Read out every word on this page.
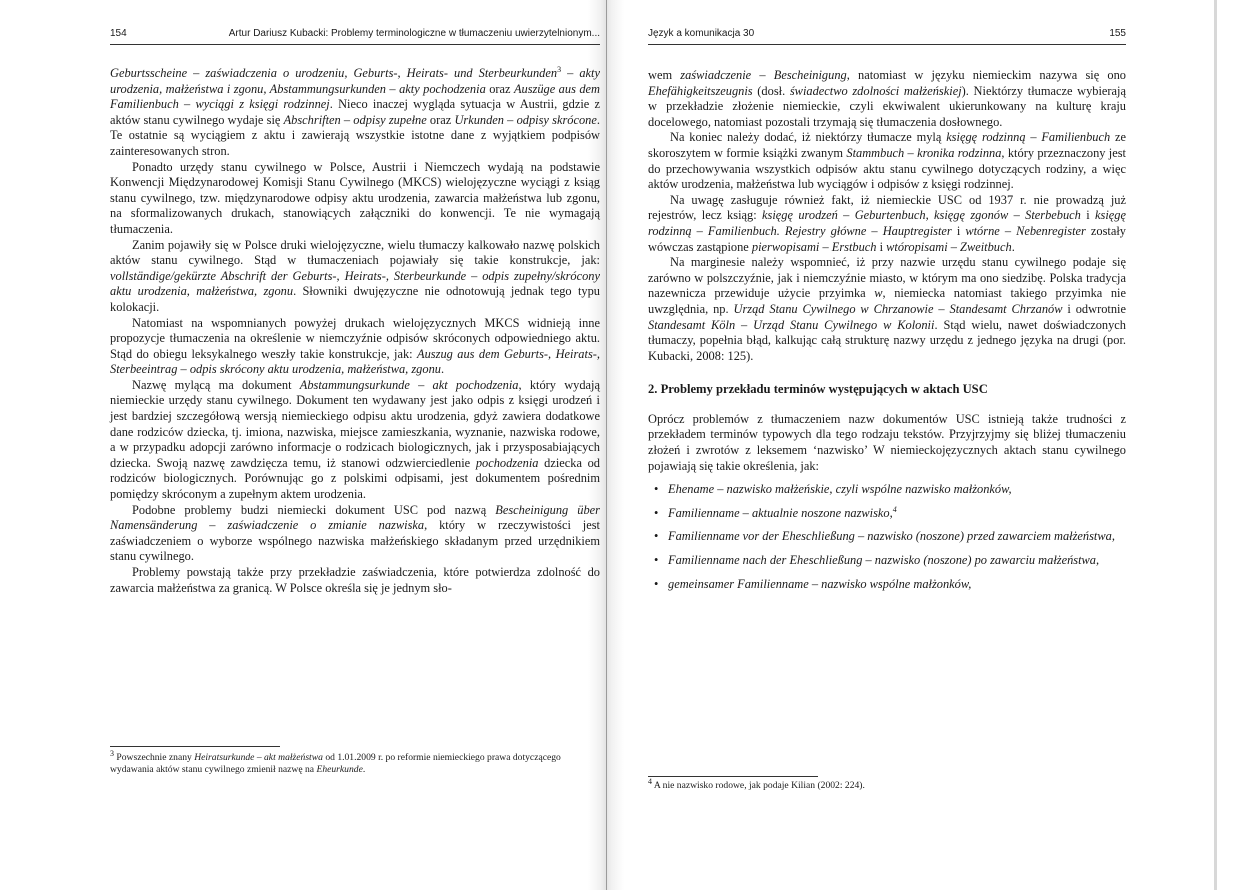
154	Artur Dariusz Kubacki: Problemy terminologiczne w tłumaczeniu uwierzytelnionym...

Geburtsscheine – zaświadczenia o urodzeniu, Geburts-, Heirats- und Sterbeurkunden$^3$ – akty urodzenia, małżeństwa i zgonu, Abstammungsurkunden – akty pochodzenia oraz Auszüge aus dem Familienbuch – wyciągi z księgi rodzinnej. Nieco inaczej wygląda sytuacja w Austrii, gdzie z aktów stanu cywilnego wydaje się Abschriften – odpisy zupełne oraz Urkunden – odpisy skrócone. Te ostatnie są wyciągiem z aktu i zawierają wszystkie istotne dane z wyjątkiem podpisów zainteresowanych stron.

Ponadto urzędy stanu cywilnego w Polsce, Austrii i Niemczech wydają na podstawie Konwencji Międzynarodowej Komisji Stanu Cywilnego (MKCS) wielojęzyczne wyciągi z ksiąg stanu cywilnego, tzw. międzynarodowe odpisy aktu urodzenia, zawarcia małżeństwa lub zgonu, na sformalizowanych drukach, stanowiących załączniki do konwencji. Te nie wymagają tłumaczenia.

Zanim pojawiły się w Polsce druki wielojęzyczne, wielu tłumaczy kalkowało nazwę polskich aktów stanu cywilnego. Stąd w tłumaczeniach pojawiały się takie konstrukcje, jak: vollständige/gekürzte Abschrift der Geburts-, Heirats-, Sterbeurkunde – odpis zupełny/skrócony aktu urodzenia, małżeństwa, zgonu. Słowniki dwujęzyczne nie odnotowują jednak tego typu kolokacji.

Natomiast na wspomnianych powyżej drukach wielojęzycznych MKCS widnieją inne propozycje tłumaczenia na określenie w niemczyźnie odpisów skróconych odpowiedniego aktu. Stąd do obiegu leksykalnego weszły takie konstrukcje, jak: Auszug aus dem Geburts-, Heirats-, Sterbeeintrag – odpis skrócony aktu urodzenia, małżeństwa, zgonu.

Nazwę mylącą ma dokument Abstammungsurkunde – akt pochodzenia, który wydają niemieckie urzędy stanu cywilnego. Dokument ten wydawany jest jako odpis z księgi urodzeń i jest bardziej szczegółową wersją niemieckiego odpisu aktu urodzenia, gdyż zawiera dodatkowe dane rodziców dziecka, tj. imiona, nazwiska, miejsce zamieszkania, wyznanie, nazwiska rodowe, a w przypadku adopcji zarówno informacje o rodzicach biologicznych, jak i przysposabiających dziecka. Swoją nazwę zawdzięcza temu, iż stanowi odzwierciedlenie pochodzenia dziecka od rodziców biologicznych. Porównując go z polskimi odpisami, jest dokumentem pośrednim pomiędzy skróconym a zupełnym aktem urodzenia.

Podobne problemy budzi niemiecki dokument USC pod nazwą Bescheinigung über Namensänderung – zaświadczenie o zmianie nazwiska, który w rzeczywistości jest zaświadczeniem o wyborze wspólnego nazwiska małżeńskiego składanym przed urzędnikiem stanu cywilnego.

Problemy powstają także przy przekładzie zaświadczenia, które potwierdza zdolność do zawarcia małżeństwa za granicą. W Polsce określa się je jednym sło-

$^3$ Powszechnie znany Heiratsurkunde – akt małżeństwa od 1.01.2009 r. po reformie niemieckiego prawa dotyczącego wydawania aktów stanu cywilnego zmienił nazwę na Eheurkunde.
Język a komunikacja 30	155

wem zaświadczenie – Bescheinigung, natomiast w języku niemieckim nazywa się ono Ehefähigkeitszeugnis (dosł. świadectwo zdolności małżeńskiej). Niektórzy tłumacze wybierają w przekładzie złożenie niemieckie, czyli ekwiwalent ukierunkowany na kulturę kraju docelowego, natomiast pozostali trzymają się tłumaczenia dosłownego.

Na koniec należy dodać, iż niektórzy tłumacze mylą księgę rodzinną – Familienbuch ze skoroszytem w formie książki zwanym Stammbuch – kronika rodzinna, który przeznaczony jest do przechowywania wszystkich odpisów aktu stanu cywilnego dotyczących rodziny, a więc aktów urodzenia, małżeństwa lub wyciągów i odpisów z księgi rodzinnej.

Na uwagę zasługuje również fakt, iż niemieckie USC od 1937 r. nie prowadzą już rejestrów, lecz ksiąg: księgę urodzeń – Geburtenbuch, księgę zgonów – Sterbebuch i księgę rodzinną – Familienbuch. Rejestry główne – Hauptregister i wtórne – Nebenregister zostały wówczas zastąpione pierwopisami – Erstbuch i wtóropisami – Zweitbuch.

Na marginesie należy wspomnieć, iż przy nazwie urzędu stanu cywilnego podaje się zarówno w polszczyźnie, jak i niemczyźnie miasto, w którym ma ono siedzibę. Polska tradycja nazewnicza przewiduje użycie przyimka w, niemiecka natomiast takiego przyimka nie uwzględnia, np. Urząd Stanu Cywilnego w Chrzanowie – Standesamt Chrzanów i odwrotnie Standesamt Köln – Urząd Stanu Cywilnego w Kolonii. Stąd wielu, nawet doświadczonych tłumaczy, popełnia błąd, kalkując całą strukturę nazwy urzędu z jednego języka na drugi (por. Kubacki, 2008: 125).

2. Problemy przekładu terminów występujących w aktach USC

Oprócz problemów z tłumaczeniem nazw dokumentów USC istnieją także trudności z przekładem terminów typowych dla tego rodzaju tekstów. Przyjrzyjmy się bliżej tłumaczeniu złożeń i zwrotów z leksemem ‘nazwisko’ W niemieckojęzycznych aktach stanu cywilnego pojawiają się takie określenia, jak:

• Ehename – nazwisko małżeńskie, czyli wspólne nazwisko małżonków,
• Familienname – aktualnie noszone nazwisko,$^4$
• Familienname vor der Eheschließung – nazwisko (noszone) przed zawarciem małżeństwa,
• Familienname nach der Eheschließung – nazwisko (noszone) po zawarciu małżeństwa,
• gemeinsamer Familienname – nazwisko wspólne małżonków,
$^4$ A nie nazwisko rodowe, jak podaje Kilian (2002: 224).
